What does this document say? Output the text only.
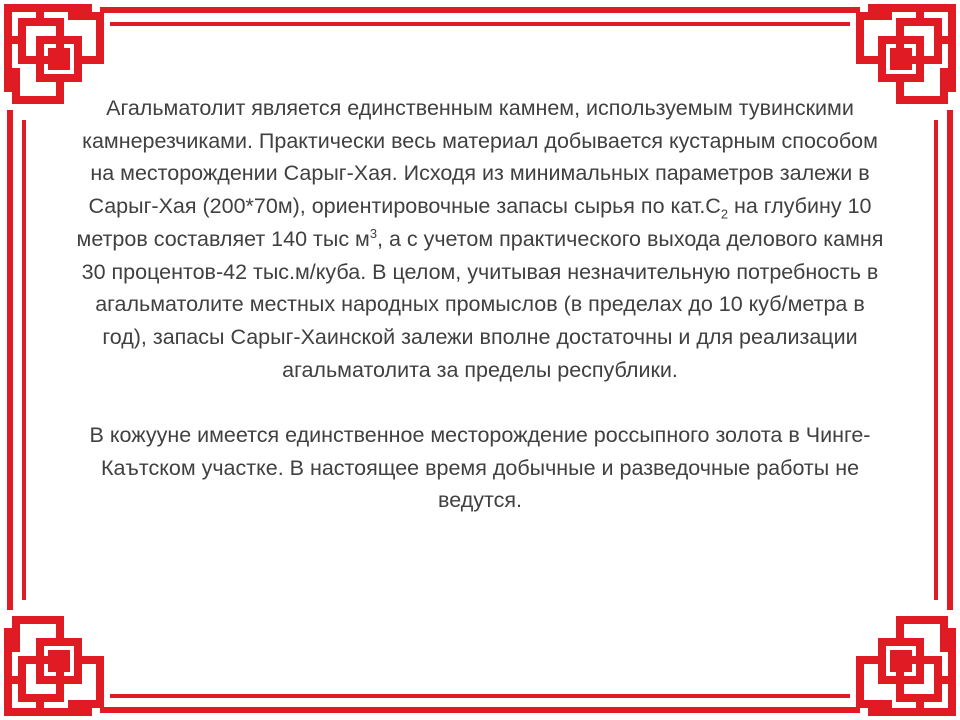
Агальматолит является единственным камнем, используемым тувинскими камнерезчиками. Практически весь материал добывается кустарным способом на месторождении Сарыг-Хая. Исходя из минимальных параметров залежи в Сарыг-Хая (200*70м), ориентировочные запасы сырья по $кат.С_2$ на глубину 10 метров составляет 140 тыс $м^3$, а с учетом практического выхода делового камня 30 процентов-42 тыс.м/куба. В целом, учитывая незначительную потребность в агальматолите местных народных промыслов (в пределах до 10 куб/метра в год), запасы Сарыг-Хаинской залежи вполне достаточны и для реализации агальматолита за пределы республики.

В кожууне имеется единственное месторождение россыпного золота в Чинге-Каътском участке. В настоящее время добычные и разведочные работы не ведутся.
